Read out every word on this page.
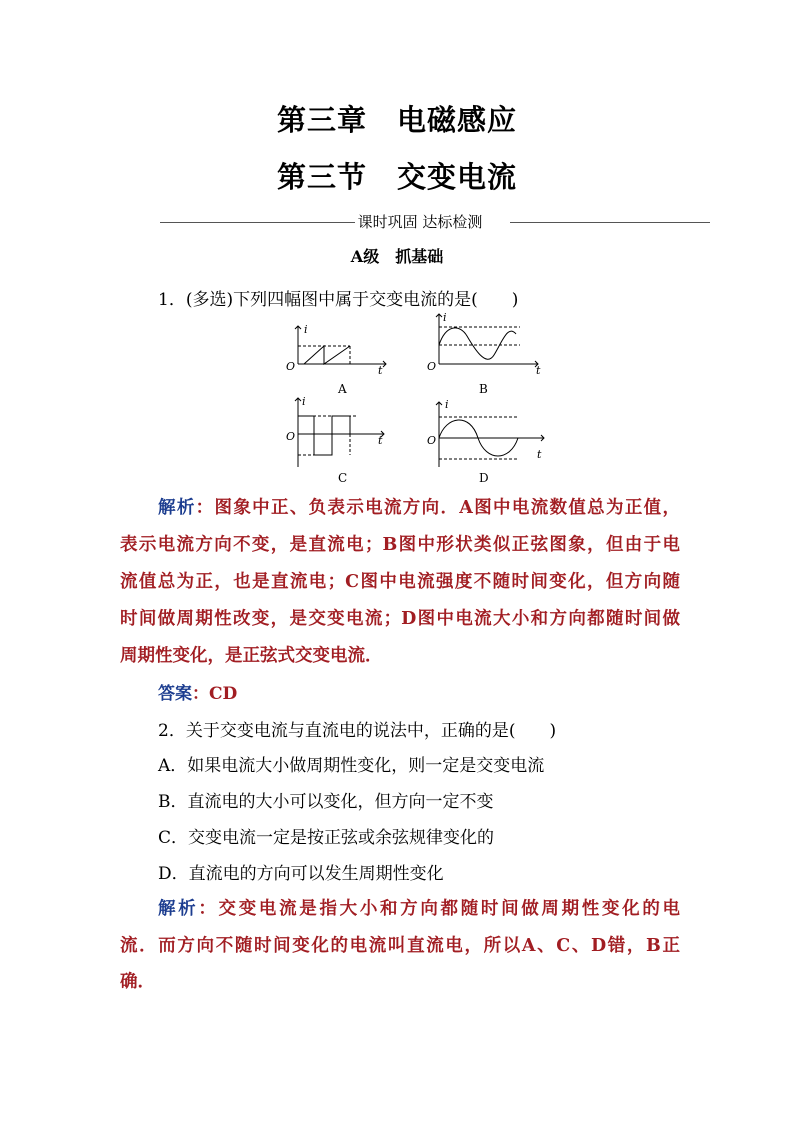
第三章　电磁感应
第三节　交变电流
课时巩固 达标检测
A级　抓基础
1．(多选)下列四幅图中属于交变电流的是(　　)
i
t
O
A
i
t
O
B
i
t
O
C
i
t
O
D
解析：图象中正、负表示电流方向．A图中电流数值总为正值，
表示电流方向不变，是直流电；B图中形状类似正弦图象，但由于电
流值总为正，也是直流电；C图中电流强度不随时间变化，但方向随
时间做周期性改变，是交变电流；D图中电流大小和方向都随时间做
周期性变化，是正弦式交变电流．
答案：CD
2．关于交变电流与直流电的说法中，正确的是(　　)
A．如果电流大小做周期性变化，则一定是交变电流
B．直流电的大小可以变化，但方向一定不变
C．交变电流一定是按正弦或余弦规律变化的
D．直流电的方向可以发生周期性变化
解析：交变电流是指大小和方向都随时间做周期性变化的电
流．而方向不随时间变化的电流叫直流电，所以A、C、D错，B正
确．
